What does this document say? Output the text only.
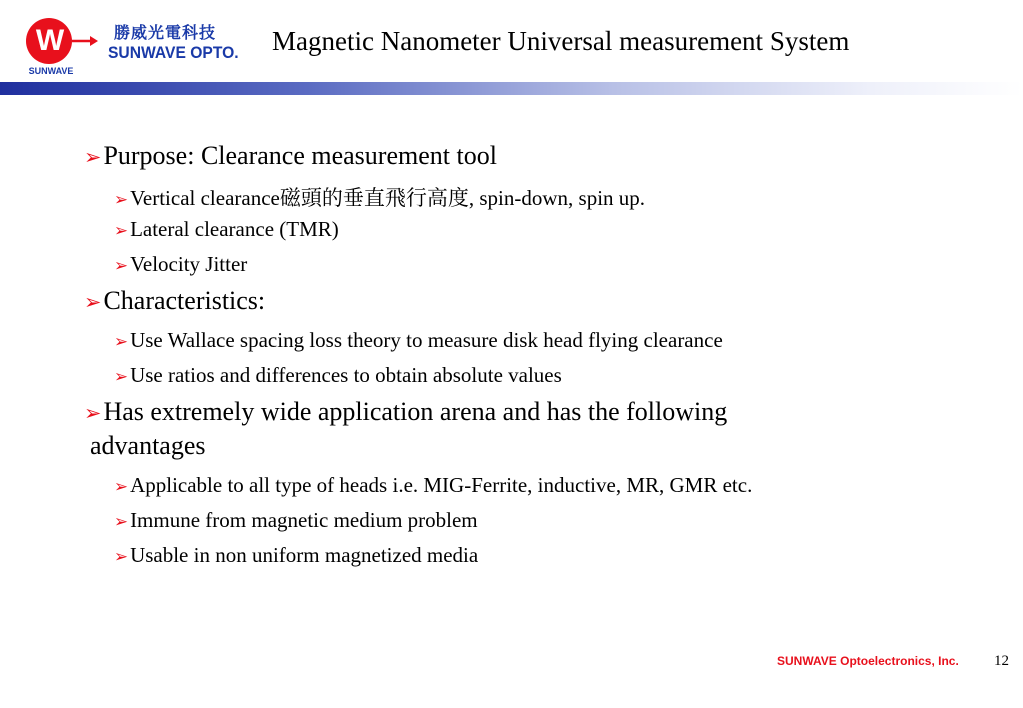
W
SUNWAVE
勝威光電科技
SUNWAVE OPTO. Magnetic Nanometer Universal measurement System
➢Purpose: Clearance measurement tool
➢Vertical clearance磁頭的垂直飛行高度, spin-down, spin up.
➢Lateral clearance (TMR)
➢Velocity Jitter
➢Characteristics:
➢Use Wallace spacing loss theory to measure disk head flying clearance
➢Use ratios and differences to obtain absolute values
➢Has extremely wide application arena and has the following
advantages
➢Applicable to all type of heads i.e. MIG-Ferrite, inductive, MR, GMR etc.
➢Immune from magnetic medium problem
➢Usable in non uniform magnetized media
SUNWAVE Optoelectronics, Inc. 12
